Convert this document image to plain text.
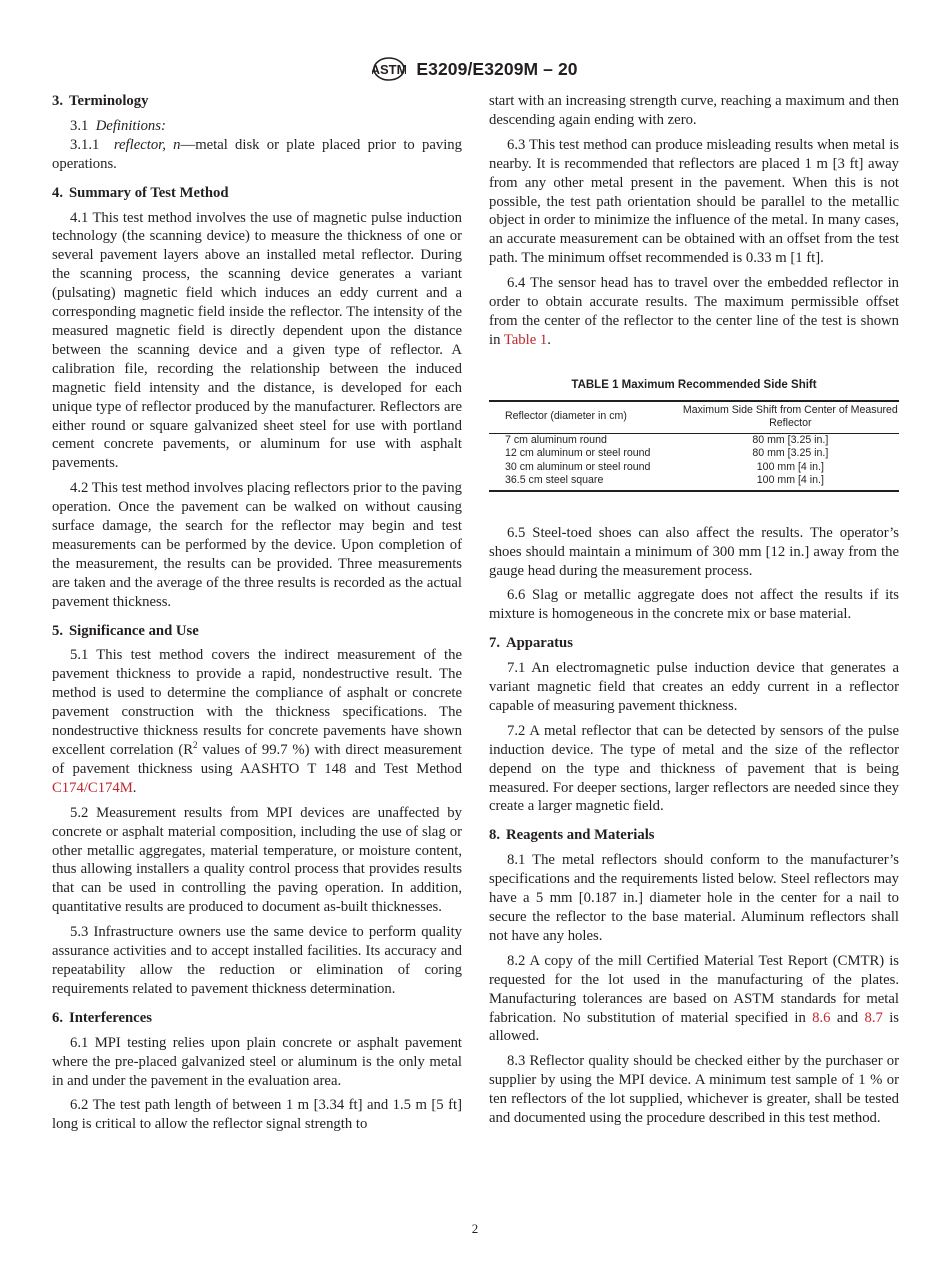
ASTM E3209/E3209M – 20
3. Terminology

3.1 Definitions:

3.1.1 reflector, n—metal disk or plate placed prior to paving operations.

4. Summary of Test Method

4.1 This test method involves the use of magnetic pulse induction technology (the scanning device) to measure the thickness of one or several pavement layers above an installed metal reflector. During the scanning process, the scanning device generates a variant (pulsating) magnetic field which induces an eddy current and a corresponding magnetic field inside the reflector. The intensity of the measured magnetic field is directly dependent upon the distance between the scanning device and a given type of reflector. A calibration file, recording the relationship between the induced magnetic field intensity and the distance, is developed for each unique type of reflector produced by the manufacturer. Reflectors are either round or square galvanized sheet steel for use with portland cement concrete pavements, or aluminum for use with asphalt pavements.

4.2 This test method involves placing reflectors prior to the paving operation. Once the pavement can be walked on without causing surface damage, the search for the reflector may begin and test measurements can be performed by the device. Upon completion of the measurement, the results can be provided. Three measurements are taken and the average of the three results is recorded as the actual pavement thickness.

5. Significance and Use

5.1 This test method covers the indirect measurement of the pavement thickness to provide a rapid, nondestructive result. The method is used to determine the compliance of asphalt or concrete pavement construction with the thickness specifications. The nondestructive thickness results for concrete pavements have shown excellent correlation ($R^2$ values of 99.7 %) with direct measurement of pavement thickness using AASHTO T 148 and Test Method C174/C174M.

5.2 Measurement results from MPI devices are unaffected by concrete or asphalt material composition, including the use of slag or other metallic aggregates, material temperature, or moisture content, thus allowing installers a quality control process that provides results that can be used in controlling the paving operation. In addition, quantitative results are produced to document as-built thicknesses.

5.3 Infrastructure owners use the same device to perform quality assurance activities and to accept installed facilities. Its accuracy and repeatability allow the reduction or elimination of coring requirements related to pavement thickness determination.

6. Interferences

6.1 MPI testing relies upon plain concrete or asphalt pavement where the pre-placed galvanized steel or aluminum is the only metal in and under the pavement in the evaluation area.

6.2 The test path length of between 1 m [3.34 ft] and 1.5 m [5 ft] long is critical to allow the reflector signal strength to

start with an increasing strength curve, reaching a maximum and then descending again ending with zero.

6.3 This test method can produce misleading results when metal is nearby. It is recommended that reflectors are placed 1 m [3 ft] away from any other metal present in the pavement. When this is not possible, the test path orientation should be parallel to the metallic object in order to minimize the influence of the metal. In many cases, an accurate measurement can be obtained with an offset from the test path. The minimum offset recommended is 0.33 m [1 ft].

6.4 The sensor head has to travel over the embedded reflector in order to obtain accurate results. The maximum permissible offset from the center of the reflector to the center line of the test is shown in Table 1.

TABLE 1 Maximum Recommended Side Shift
Reflector (diameter in cm)	Maximum Side Shift from Center of Measured Reflector
7 cm aluminum round	80 mm [3.25 in.]
12 cm aluminum or steel round	80 mm [3.25 in.]
30 cm aluminum or steel round	100 mm [4 in.]
36.5 cm steel square	100 mm [4 in.]

6.5 Steel-toed shoes can also affect the results. The operator’s shoes should maintain a minimum of 300 mm [12 in.] away from the gauge head during the measurement process.

6.6 Slag or metallic aggregate does not affect the results if its mixture is homogeneous in the concrete mix or base material.

7. Apparatus

7.1 An electromagnetic pulse induction device that generates a variant magnetic field that creates an eddy current in a reflector capable of measuring pavement thickness.

7.2 A metal reflector that can be detected by sensors of the pulse induction device. The type of metal and the size of the reflector depend on the type and thickness of pavement that is being measured. For deeper sections, larger reflectors are needed since they create a larger magnetic field.

8. Reagents and Materials

8.1 The metal reflectors should conform to the manufacturer’s specifications and the requirements listed below. Steel reflectors may have a 5 mm [0.187 in.] diameter hole in the center for a nail to secure the reflector to the base material. Aluminum reflectors shall not have any holes.

8.2 A copy of the mill Certified Material Test Report (CMTR) is requested for the lot used in the manufacturing of the plates. Manufacturing tolerances are based on ASTM standards for metal fabrication. No substitution of material specified in 8.6 and 8.7 is allowed.

8.3 Reflector quality should be checked either by the purchaser or supplier by using the MPI device. A minimum test sample of 1 % or ten reflectors of the lot supplied, whichever is greater, shall be tested and documented using the procedure described in this test method.

2
